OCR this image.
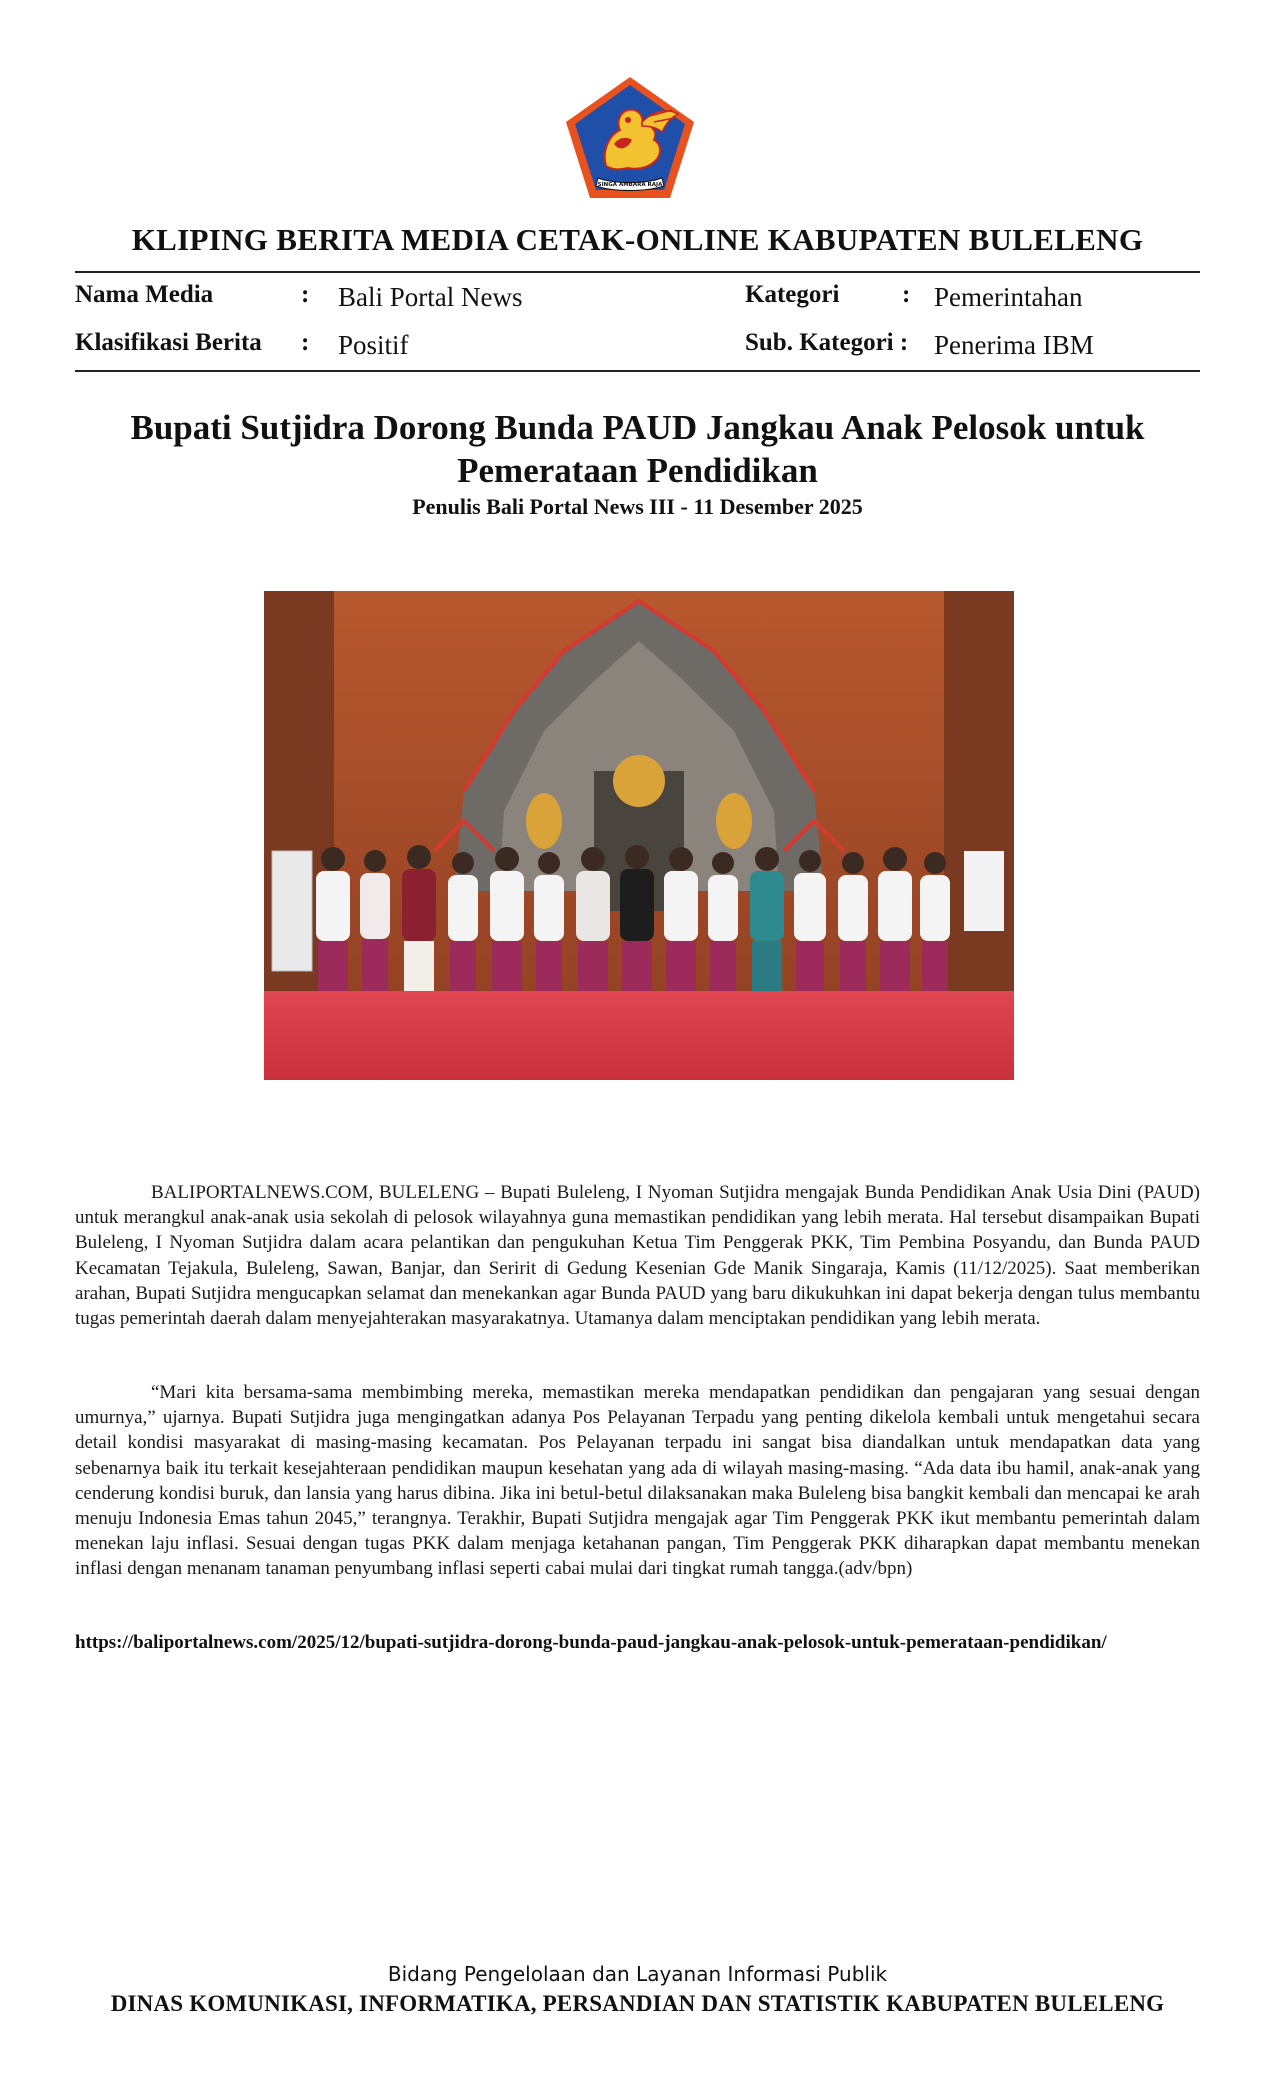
SINGA AMBARA RAJA
KLIPING BERITA MEDIA CETAK-ONLINE KABUPATEN BULELENG
Nama Media	: Bali Portal News	Kategori	: Pemerintahan
Klasifikasi Berita : Positif	Sub. Kategori : Penerima IBM
Bupati Sutjidra Dorong Bunda PAUD Jangkau Anak Pelosok untuk Pemerataan Pendidikan
Penulis Bali Portal News III - 11 Desember 2025

BALIPORTALNEWS.COM, BULELENG – Bupati Buleleng, I Nyoman Sutjidra mengajak Bunda Pendidikan Anak Usia Dini (PAUD) untuk merangkul anak-anak usia sekolah di pelosok wilayahnya guna memastikan pendidikan yang lebih merata. Hal tersebut disampaikan Bupati Buleleng, I Nyoman Sutjidra dalam acara pelantikan dan pengukuhan Ketua Tim Penggerak PKK, Tim Pembina Posyandu, dan Bunda PAUD Kecamatan Tejakula, Buleleng, Sawan, Banjar, dan Seririt di Gedung Kesenian Gde Manik Singaraja, Kamis (11/12/2025). Saat memberikan arahan, Bupati Sutjidra mengucapkan selamat dan menekankan agar Bunda PAUD yang baru dikukuhkan ini dapat bekerja dengan tulus membantu tugas pemerintah daerah dalam menyejahterakan masyarakatnya. Utamanya dalam menciptakan pendidikan yang lebih merata.

“Mari kita bersama-sama membimbing mereka, memastikan mereka mendapatkan pendidikan dan pengajaran yang sesuai dengan umurnya,” ujarnya. Bupati Sutjidra juga mengingatkan adanya Pos Pelayanan Terpadu yang penting dikelola kembali untuk mengetahui secara detail kondisi masyarakat di masing-masing kecamatan. Pos Pelayanan terpadu ini sangat bisa diandalkan untuk mendapatkan data yang sebenarnya baik itu terkait kesejahteraan pendidikan maupun kesehatan yang ada di wilayah masing-masing. “Ada data ibu hamil, anak-anak yang cenderung kondisi buruk, dan lansia yang harus dibina. Jika ini betul-betul dilaksanakan maka Buleleng bisa bangkit kembali dan mencapai ke arah menuju Indonesia Emas tahun 2045,” terangnya. Terakhir, Bupati Sutjidra mengajak agar Tim Penggerak PKK ikut membantu pemerintah dalam menekan laju inflasi. Sesuai dengan tugas PKK dalam menjaga ketahanan pangan, Tim Penggerak PKK diharapkan dapat membantu menekan inflasi dengan menanam tanaman penyumbang inflasi seperti cabai mulai dari tingkat rumah tangga.(adv/bpn)

https://baliportalnews.com/2025/12/bupati-sutjidra-dorong-bunda-paud-jangkau-anak-pelosok-untuk-pemerataan-pendidikan/
Bidang Pengelolaan dan Layanan Informasi Publik
DINAS KOMUNIKASI, INFORMATIKA, PERSANDIAN DAN STATISTIK KABUPATEN BULELENG
